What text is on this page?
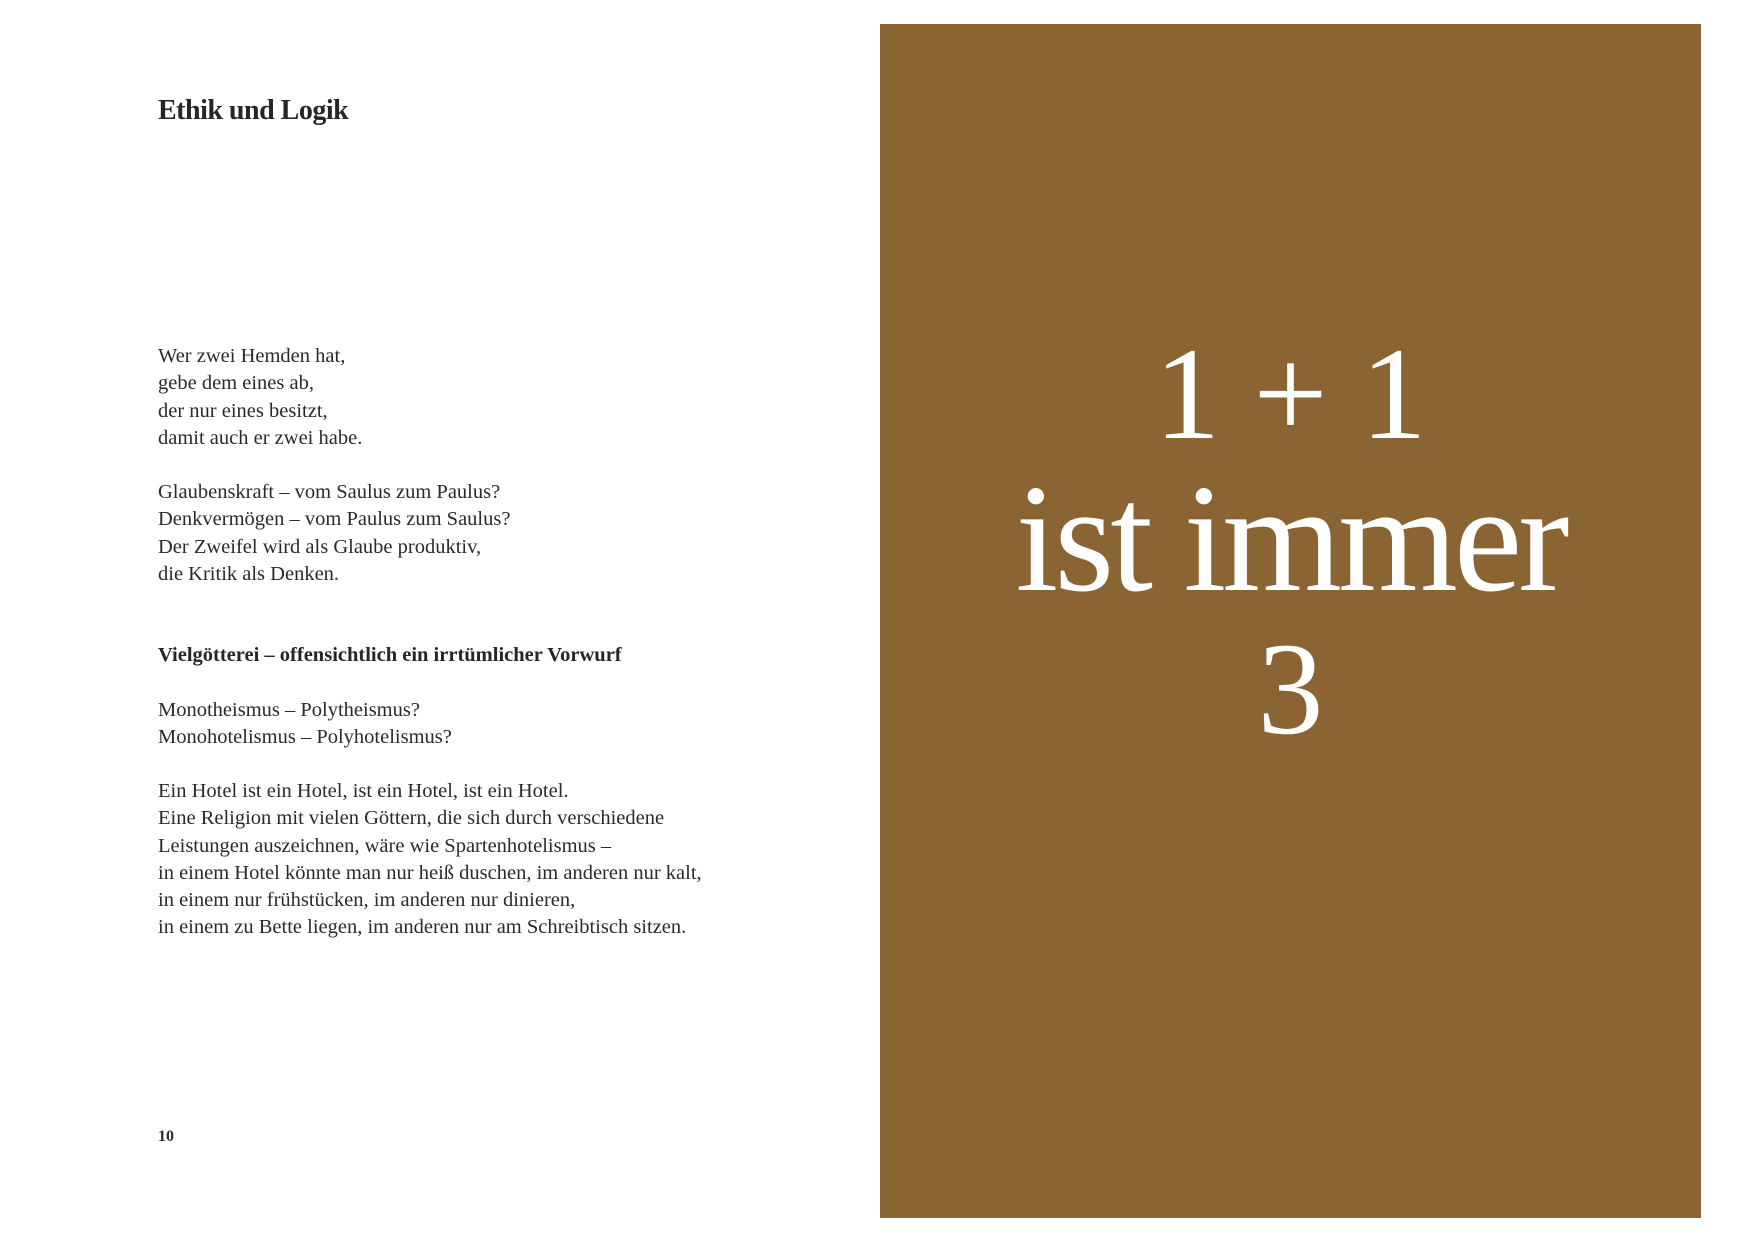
Ethik und Logik

Wer zwei Hemden hat,
gebe dem eines ab,
der nur eines besitzt,
damit auch er zwei habe.

Glaubenskraft – vom Saulus zum Paulus?
Denkvermögen – vom Paulus zum Saulus?
Der Zweifel wird als Glaube produktiv,
die Kritik als Denken.

Vielgötterei – offensichtlich ein irrtümlicher Vorwurf

Monotheismus – Polytheismus?
Monohotelismus – Polyhotelismus?

Ein Hotel ist ein Hotel, ist ein Hotel, ist ein Hotel.
Eine Religion mit vielen Göttern, die sich durch verschiedene
Leistungen auszeichnen, wäre wie Spartenhotelismus –
in einem Hotel könnte man nur heiß duschen, im anderen nur kalt,
in einem nur frühstücken, im anderen nur dinieren,
in einem zu Bette liegen, im anderen nur am Schreibtisch sitzen.

10
1 + 1
ist immer
3
